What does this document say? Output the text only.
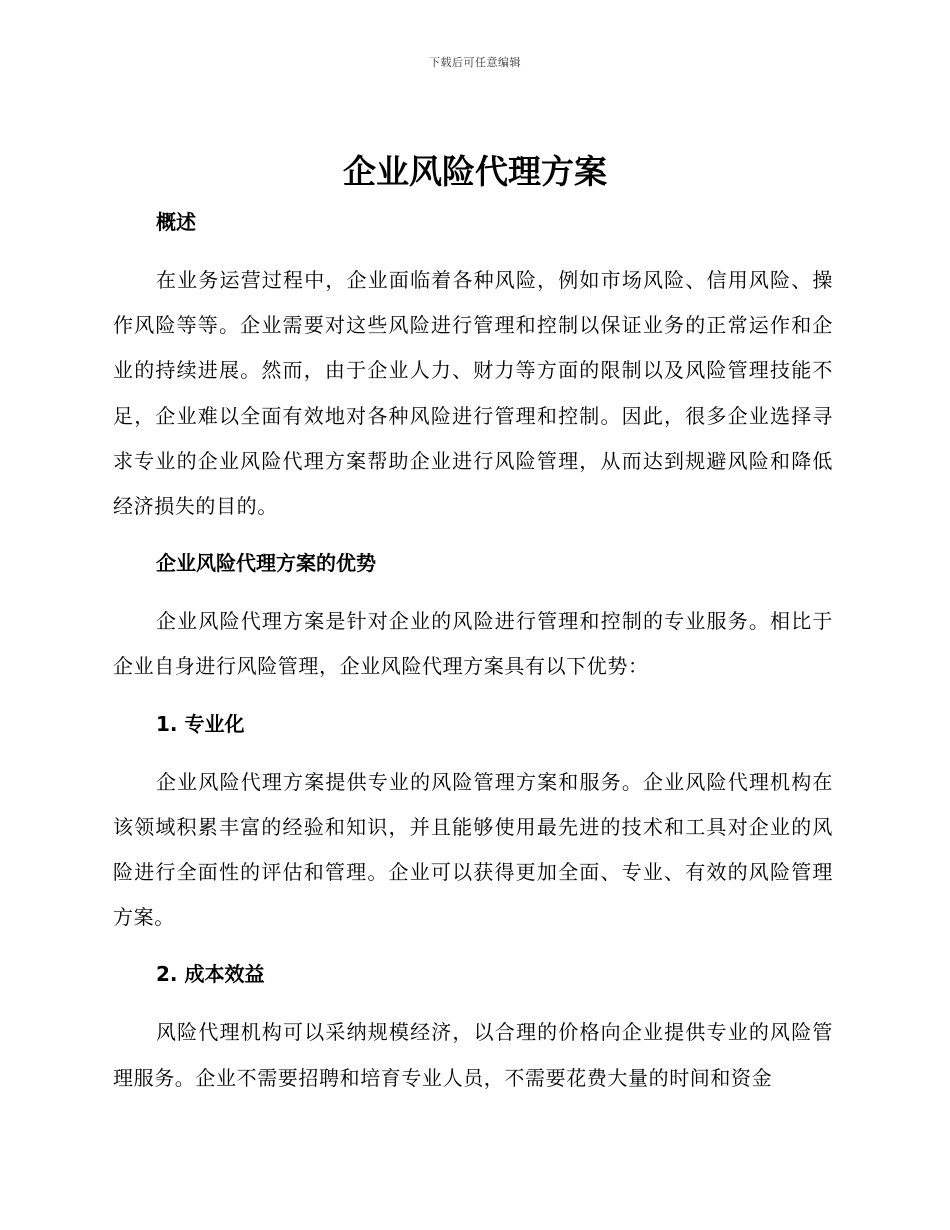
下载后可任意编辑
企业风险代理方案
概述

在业务运营过程中，企业面临着各种风险，例如市场风险、信用风险、操作风险等等。企业需要对这些风险进行管理和控制以保证业务的正常运作和企业的持续进展。然而，由于企业人力、财力等方面的限制以及风险管理技能不足，企业难以全面有效地对各种风险进行管理和控制。因此，很多企业选择寻求专业的企业风险代理方案帮助企业进行风险管理，从而达到规避风险和降低经济损失的目的。

企业风险代理方案的优势

企业风险代理方案是针对企业的风险进行管理和控制的专业服务。相比于企业自身进行风险管理，企业风险代理方案具有以下优势：

1. 专业化

企业风险代理方案提供专业的风险管理方案和服务。企业风险代理机构在该领域积累丰富的经验和知识，并且能够使用最先进的技术和工具对企业的风险进行全面性的评估和管理。企业可以获得更加全面、专业、有效的风险管理方案。

2. 成本效益

风险代理机构可以采纳规模经济，以合理的价格向企业提供专业的风险管理服务。企业不需要招聘和培育专业人员，不需要花费大量的时间和资金
